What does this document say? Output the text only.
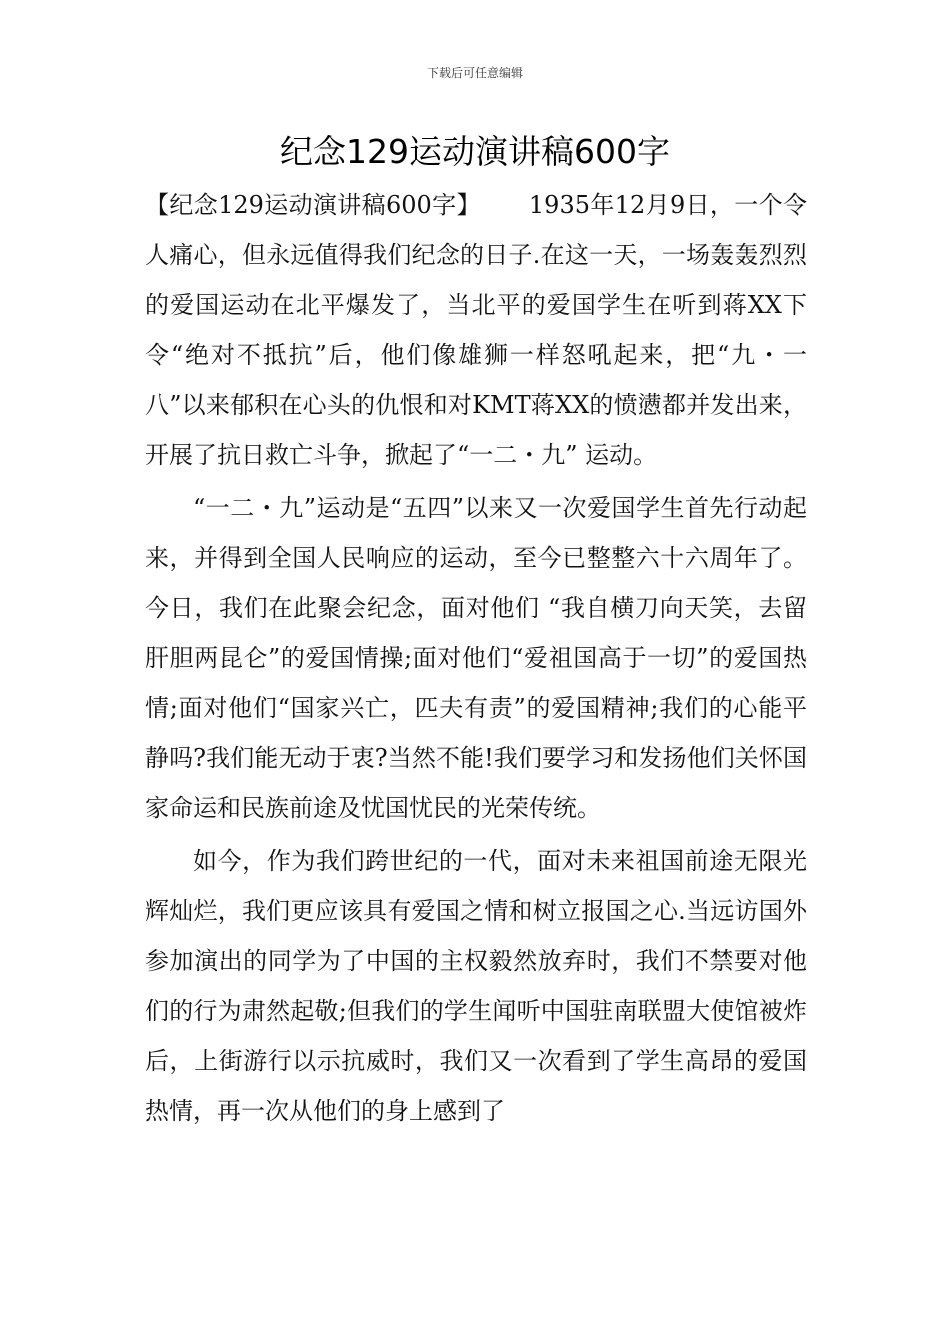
下载后可任意编辑
纪念129运动演讲稿600字

【纪念129运动演讲稿600字】 1935年12月9日，一个令人痛心，但永远值得我们纪念的日子.在这一天，一场轰轰烈烈的爱国运动在北平爆发了，当北平的爱国学生在听到蒋XX下令“绝对不抵抗”后，他们像雄狮一样怒吼起来，把“九・一八”以来郁积在心头的仇恨和对KMT蒋XX的愤懑都并发出来，开展了抗日救亡斗争，掀起了“一二・九” 运动。

“一二・九”运动是“五四”以来又一次爱国学生首先行动起来，并得到全国人民响应的运动，至今已整整六十六周年了。今日，我们在此聚会纪念，面对他们 “我自横刀向天笑，去留肝胆两昆仑”的爱国情操;面对他们“爱祖国高于一切”的爱国热情;面对他们“国家兴亡，匹夫有责”的爱国精神;我们的心能平静吗?我们能无动于衷?当然不能!我们要学习和发扬他们关怀国家命运和民族前途及忧国忧民的光荣传统。

如今，作为我们跨世纪的一代，面对未来祖国前途无限光辉灿烂，我们更应该具有爱国之情和树立报国之心.当远访国外参加演出的同学为了中国的主权毅然放弃时，我们不禁要对他们的行为肃然起敬;但我们的学生闻听中国驻南联盟大使馆被炸后，上街游行以示抗威时，我们又一次看到了学生高昂的爱国热情，再一次从他们的身上感到了
